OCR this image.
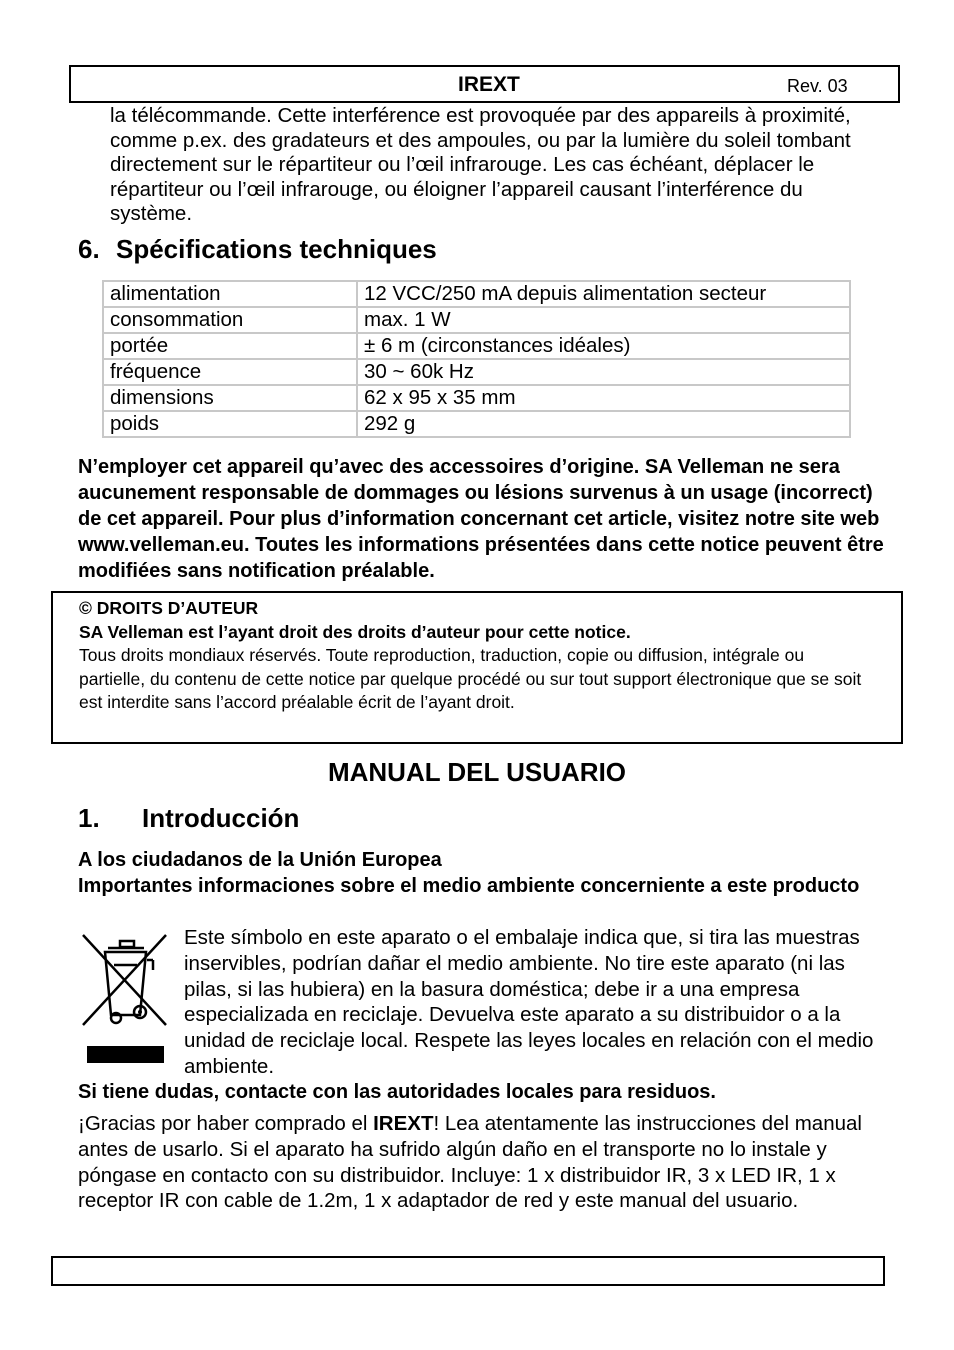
IREXT	Rev. 03

la télécommande. Cette interférence est provoquée par des appareils à proximité, comme p.ex. des gradateurs et des ampoules, ou par la lumière du soleil tombant directement sur le répartiteur ou l’œil infrarouge. Les cas échéant, déplacer le répartiteur ou l’œil infrarouge, ou éloigner l’appareil causant l’interférence du système.

6. Spécifications techniques
alimentation	12 VCC/250 mA depuis alimentation secteur
consommation	max. 1 W
portée	± 6 m (circonstances idéales)
fréquence	30 ~ 60k Hz
dimensions	62 x 95 x 35 mm
poids	292 g

N’employer cet appareil qu’avec des accessoires d’origine. SA Velleman ne sera aucunement responsable de dommages ou lésions survenus à un usage (incorrect) de cet appareil. Pour plus d’information concernant cet article, visitez notre site web www.velleman.eu. Toutes les informations présentées dans cette notice peuvent être modifiées sans notification préalable.

© DROITS D’AUTEUR

SA Velleman est l’ayant droit des droits d’auteur pour cette notice.

Tous droits mondiaux réservés. Toute reproduction, traduction, copie ou diffusion, intégrale ou partielle, du contenu de cette notice par quelque procédé ou sur tout support électronique que se soit est interdite sans l’accord préalable écrit de l’ayant droit.

MANUAL DEL USUARIO
1. Introducción
A los ciudadanos de la Unión Europea
Importantes informaciones sobre el medio ambiente concerniente a este producto

Este símbolo en este aparato o el embalaje indica que, si tira las muestras inservibles, podrían dañar el medio ambiente. No tire este aparato (ni las pilas, si las hubiera) en la basura doméstica; debe ir a una empresa especializada en reciclaje. Devuelva este aparato a su distribuidor o a la unidad de reciclaje local. Respete las leyes locales en relación con el medio ambiente.

Si tiene dudas, contacte con las autoridades locales para residuos.

¡Gracias por haber comprado el IREXT! Lea atentamente las instrucciones del manual antes de usarlo. Si el aparato ha sufrido algún daño en el transporte no lo instale y póngase en contacto con su distribuidor. Incluye: 1 x distribuidor IR, 3 x LED IR, 1 x receptor IR con cable de 1.2m, 1 x adaptador de red y este manual del usuario.
